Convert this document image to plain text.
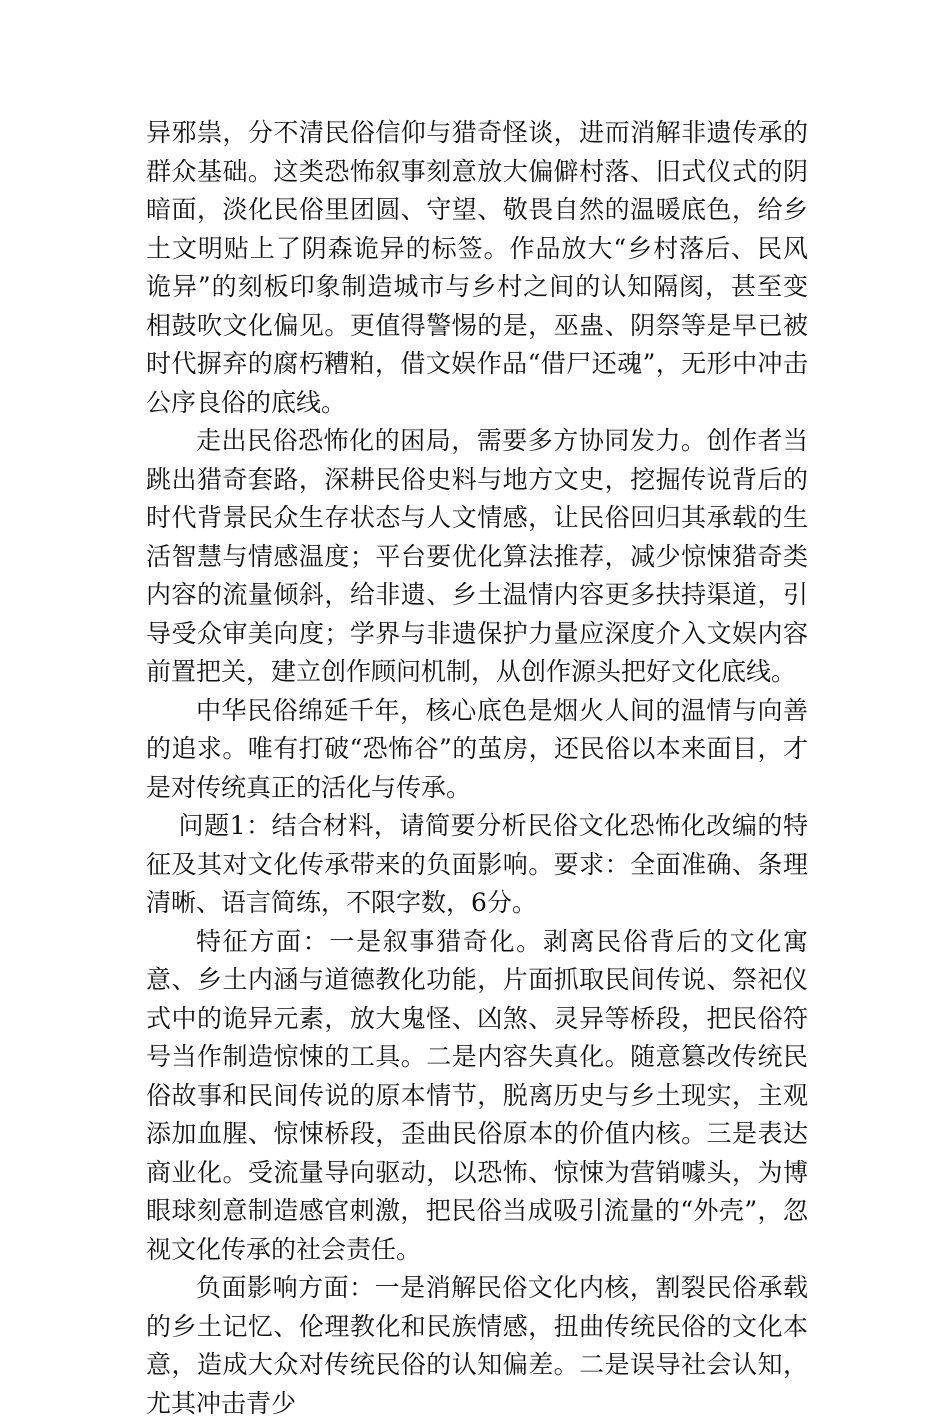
异邪祟，分不清民俗信仰与猎奇怪谈，进而消解非遗传承的群众基础。这类恐怖叙事刻意放大偏僻村落、旧式仪式的阴暗面，淡化民俗里团圆、守望、敬畏自然的温暖底色，给乡土文明贴上了阴森诡异的标签。作品放大“乡村落后、民风诡异”的刻板印象制造城市与乡村之间的认知隔阂，甚至变相鼓吹文化偏见。更值得警惕的是，巫蛊、阴祭等是早已被时代摒弃的腐朽糟粕，借文娱作品“借尸还魂”，无形中冲击公序良俗的底线。

走出民俗恐怖化的困局，需要多方协同发力。创作者当跳出猎奇套路，深耕民俗史料与地方文史，挖掘传说背后的时代背景民众生存状态与人文情感，让民俗回归其承载的生活智慧与情感温度；平台要优化算法推荐，减少惊悚猎奇类内容的流量倾斜，给非遗、乡土温情内容更多扶持渠道，引导受众审美向度；学界与非遗保护力量应深度介入文娱内容前置把关，建立创作顾问机制，从创作源头把好文化底线。

中华民俗绵延千年，核心底色是烟火人间的温情与向善的追求。唯有打破“恐怖谷”的茧房，还民俗以本来面目，才是对传统真正的活化与传承。

问题1：结合材料，请简要分析民俗文化恐怖化改编的特征及其对文化传承带来的负面影响。要求：全面准确、条理清晰、语言简练，不限字数，6分。

特征方面：一是叙事猎奇化。剥离民俗背后的文化寓意、乡土内涵与道德教化功能，片面抓取民间传说、祭祀仪式中的诡异元素，放大鬼怪、凶煞、灵异等桥段，把民俗符号当作制造惊悚的工具。二是内容失真化。随意篡改传统民俗故事和民间传说的原本情节，脱离历史与乡土现实，主观添加血腥、惊悚桥段，歪曲民俗原本的价值内核。三是表达商业化。受流量导向驱动，以恐怖、惊悚为营销噱头，为博眼球刻意制造感官刺激，把民俗当成吸引流量的“外壳”，忽视文化传承的社会责任。

负面影响方面：一是消解民俗文化内核，割裂民俗承载的乡土记忆、伦理教化和民族情感，扭曲传统民俗的文化本意，造成大众对传统民俗的认知偏差。二是误导社会认知，尤其冲击青少
